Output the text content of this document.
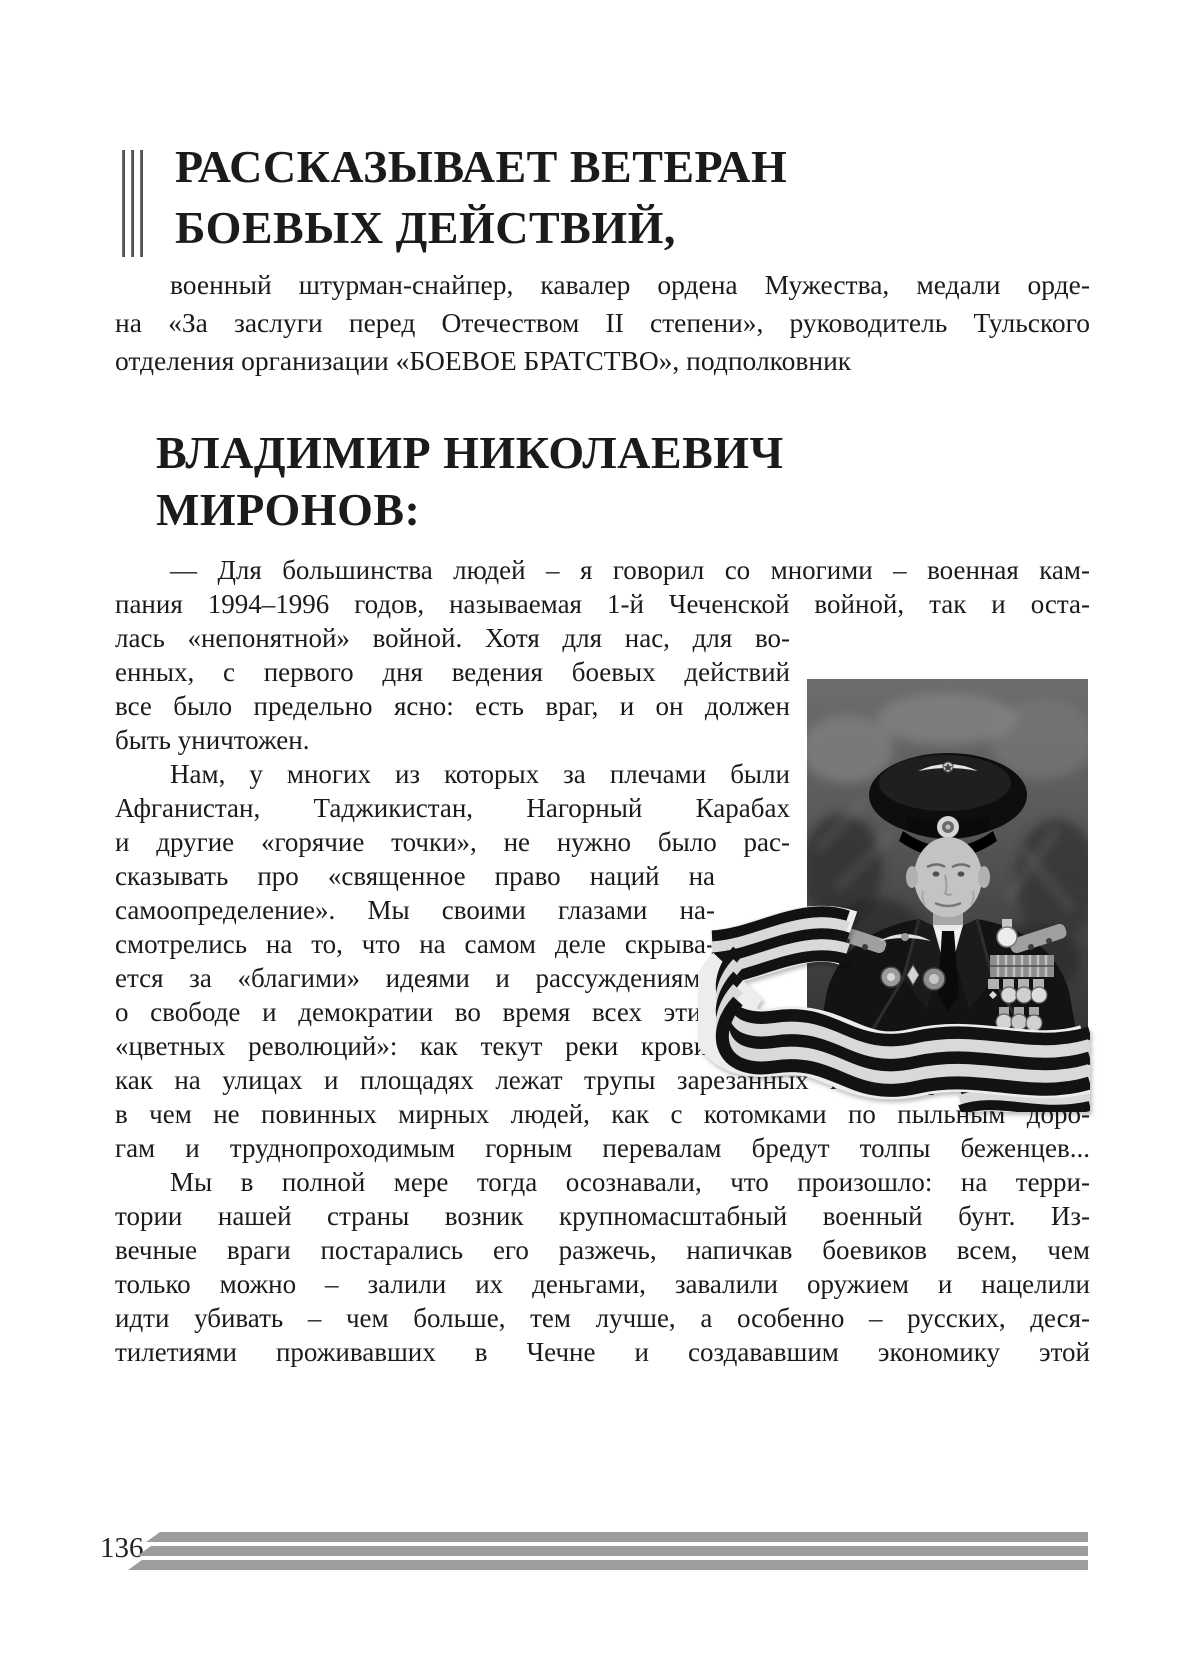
РАССКАЗЫВАЕТ ВЕТЕРАН
БОЕВЫХ ДЕЙСТВИЙ,
военный штурман-снайпер, кавалер ордена Мужества, медали орде-
на «За заслуги перед Отечеством II степени», руководитель Тульского
отделения организации «БОЕВОЕ БРАТСТВО», подполковник
ВЛАДИМИР НИКОЛАЕВИЧ
МИРОНОВ:
— Для большинства людей – я говорил со многими – военная кам-
пания 1994–1996 годов, называемая 1-й Чеченской войной, так и оста-
лась «непонятной» войной. Хотя для нас, для во-
енных, с первого дня ведения боевых действий
все было предельно ясно: есть враг, и он должен
быть уничтожен.
Нам, у многих из которых за плечами были
Афганистан, Таджикистан, Нагорный Карабах
и другие «горячие точки», не нужно было рас-
сказывать про «священное право наций на
самоопределение». Мы своими глазами на-
смотрелись на то, что на самом деле скрыва-
ется за «благими» идеями и рассуждениями
о свободе и демократии во время всех этих
«цветных революций»: как текут реки крови,
как на улицах и площадях лежат трупы зарезанных и расстрелянных ни
в чем не повинных мирных людей, как с котомками по пыльным доро-
гам и труднопроходимым горным перевалам бредут толпы беженцев...
Мы в полной мере тогда осознавали, что произошло: на терри-
тории нашей страны возник крупномасштабный военный бунт. Из-
вечные враги постарались его разжечь, напичкав боевиков всем, чем
только можно – залили их деньгами, завалили оружием и нацелили
идти убивать – чем больше, тем лучше, а особенно – русских, деся-
тилетиями проживавших в Чечне и создававшим экономику этой
136
